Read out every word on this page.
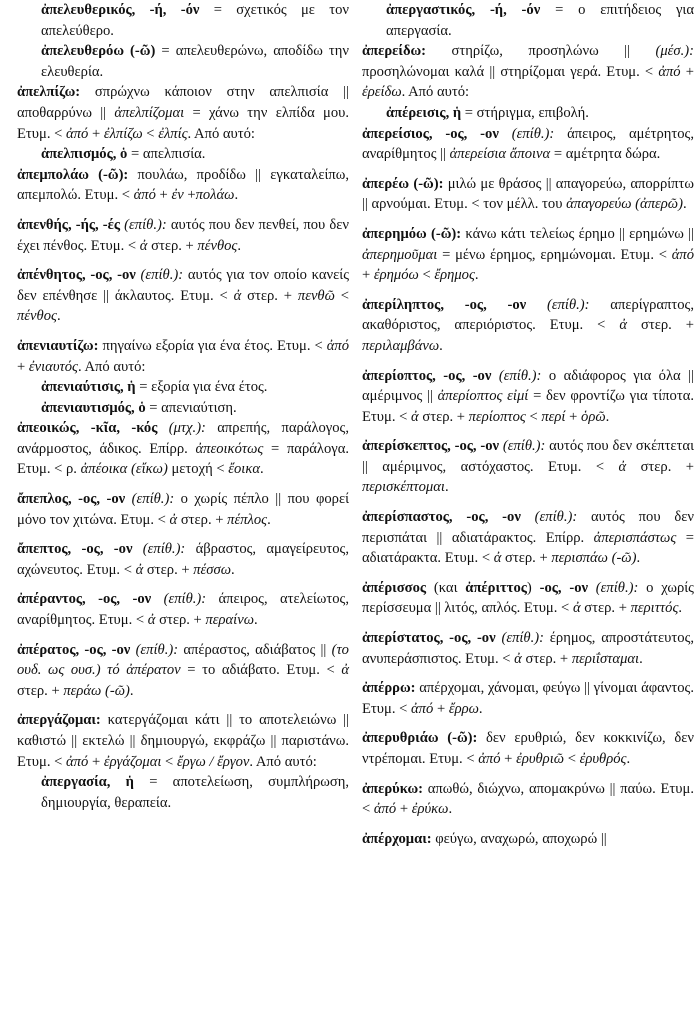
ἀπελευθερικός, -ή, -όν = σχετικός με τον απελεύθερο.

ἀπελευθερόω (-ῶ) = απελευθερώνω, αποδίδω την ελευθερία.

ἀπελπίζω: σπρώχνω κάποιον στην απελπισία || αποθαρρύνω || ἀπελπίζομαι = χάνω την ελπίδα μου. Ετυμ. < ἀπό + ἐλπίζω < ἐλπίς. Από αυτό:

ἀπελπισμός, ὁ = απελπισία.

ἀπεμπολάω (-ῶ): πουλάω, προδίδω || εγκαταλείπω, απεμπολώ. Ετυμ. < ἀπό + ἐν +πολάω.

ἀπενθής, -ής, -ές (επίθ.): αυτός που δεν πενθεί, που δεν έχει πένθος. Ετυμ. < ἀ στερ. + πένθος.

ἀπένθητος, -ος, -ον (επίθ.): αυτός για τον οποίο κανείς δεν επένθησε || άκλαυτος. Ετυμ. < ἀ στερ. + πενθῶ < πένθος.

ἀπενιαυτίζω: πηγαίνω εξορία για ένα έτος. Ετυμ. < ἀπό + ἐνιαυτός. Από αυτό:

ἀπενιαύτισις, ἡ = εξορία για ένα έτος.

ἀπενιαυτισμός, ὁ = απενιαύτιση.

ἀπεοικώς, -κῖα, -κός (μτχ.): απρεπής, παράλογος, ανάρμοστος, άδικος. Επίρρ. ἀπεοικότως = παράλογα. Ετυμ. < ρ. ἀπέοικα (εἴκω) μετοχή < ἔοικα.

ἄπεπλος, -ος, -ον (επίθ.): ο χωρίς πέπλο || που φορεί μόνο τον χιτώνα. Ετυμ. < ἀ στερ. + πέπλος.

ἄπεπτος, -ος, -ον (επίθ.): άβραστος, αμαγείρευτος, αχώνευτος. Ετυμ. < ἀ στερ. + πέσσω.

ἀπέραντος, -ος, -ον (επίθ.): άπειρος, ατελείωτος, αναρίθμητος. Ετυμ. < ἀ στερ. + περαίνω.

ἀπέρατος, -ος, -ον (επίθ.): απέραστος, αδιάβατος || (το ουδ. ως ουσ.) τό ἀπέρατον = το αδιάβατο. Ετυμ. < ἀ στερ. + περάω (-ῶ).

ἀπεργάζομαι: κατεργάζομαι κάτι || το αποτελειώνω || καθιστώ || εκτελώ || δημιουργώ, εκφράζω || παριστάνω. Ετυμ. < ἀπό + ἐργάζομαι < ἔργω / ἔργον. Από αυτό:

ἀπεργασία, ἡ = αποτελείωση, συμπλήρωση, δημιουργία, θεραπεία.

ἀπεργαστικός, -ή, -όν = ο επιτήδειος για απεργασία.

ἀπερείδω: στηρίζω, προσηλώνω || (μέσ.): προσηλώνομαι καλά || στηρίζομαι γερά. Ετυμ. < ἀπό + ἐρείδω. Από αυτό:

ἀπέρεισις, ἡ = στήριγμα, επιβολή.

ἀπερείσιος, -ος, -ον (επίθ.): άπειρος, αμέτρητος, αναρίθμητος || ἀπερείσια ἄποινα = αμέτρητα δώρα.

ἀπερέω (-ῶ): μιλώ με θράσος || απαγορεύω, απορρίπτω || αρνούμαι. Ετυμ. < τον μέλλ. του ἀπαγορεύω (ἀπερῶ).

ἀπερημόω (-ῶ): κάνω κάτι τελείως έρημο || ερημώνω || ἀπερημοῦμαι = μένω έρημος, ερημώνομαι. Ετυμ. < ἀπό + ἐρημόω < ἔρημος.

ἀπερίληπτος, -ος, -ον (επίθ.): απερίγραπτος, ακαθόριστος, απεριόριστος. Ετυμ. < ἀ στερ. + περιλαμβάνω.

ἀπερίοπτος, -ος, -ον (επίθ.): ο αδιάφορος για όλα || αμέριμνος || ἀπερίοπτος εἰμί = δεν φροντίζω για τίποτα. Ετυμ. < ἀ στερ. + περίοπτος < περί + ὁρῶ.

ἀπερίσκεπτος, -ος, -ον (επίθ.): αυτός που δεν σκέπτεται || αμέριμνος, αστόχαστος. Ετυμ. < ἀ στερ. + περισκέπτομαι.

ἀπερίσπαστος, -ος, -ον (επίθ.): αυτός που δεν περισπάται || αδιατάρακτος. Επίρρ. ἀπερισπάστως = αδιατάρακτα. Ετυμ. < ἀ στερ. + περισπάω (-ῶ).

ἀπέρισσος (και ἀπέριττος) -ος, -ον (επίθ.): ο χωρίς περίσσευμα || λιτός, απλός. Ετυμ. < ἀ στερ. + περιττός.

ἀπερίστατος, -ος, -ον (επίθ.): έρημος, απροστάτευτος, ανυπεράσπιστος. Ετυμ. < ἀ στερ. + περιΐσταμαι.

ἀπέρρω: απέρχομαι, χάνομαι, φεύγω || γίνομαι άφαντος. Ετυμ. < ἀπό + ἔρρω.

ἀπερυθριάω (-ῶ): δεν ερυθριώ, δεν κοκκινίζω, δεν ντρέπομαι. Ετυμ. < ἀπό + ἐρυθριῶ < ἐρυθρός.

ἀπερύκω: απωθώ, διώχνω, απομακρύνω || παύω. Ετυμ. < ἀπό + ἐρύκω.

ἀπέρχομαι: φεύγω, αναχωρώ, αποχωρώ ||
